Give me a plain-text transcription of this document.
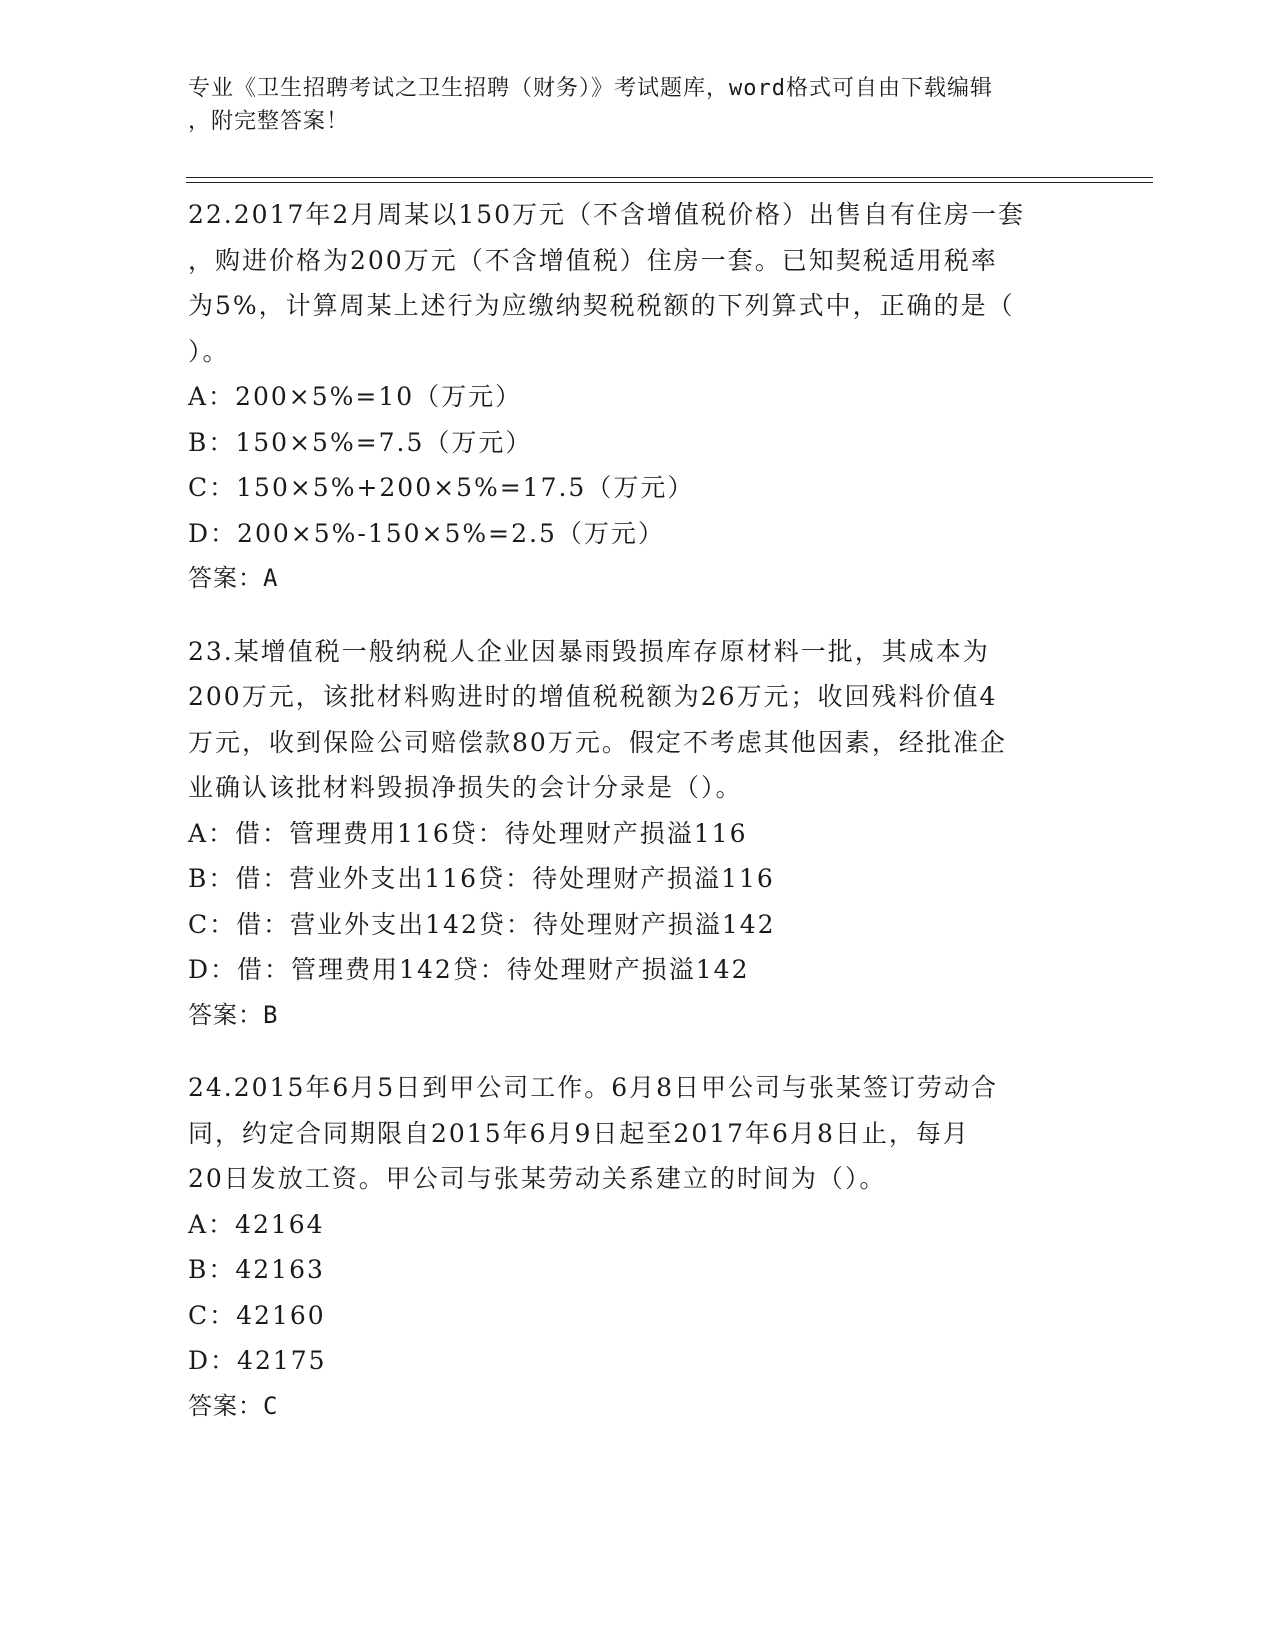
专业《卫生招聘考试之卫生招聘（财务）》考试题库，word格式可自由下载编辑
，附完整答案！
22.2017年2月周某以150万元（不含增值税价格）出售自有住房一套
，购进价格为200万元（不含增值税）住房一套。已知契税适用税率
为5%，计算周某上述行为应缴纳契税税额的下列算式中，正确的是（
）。
A：200×5%=10（万元）
B：150×5%=7.5（万元）
C：150×5%+200×5%=17.5（万元）
D：200×5%-150×5%=2.5（万元）
答案：A
23.某增值税一般纳税人企业因暴雨毁损库存原材料一批，其成本为
200万元，该批材料购进时的增值税税额为26万元；收回残料价值4
万元，收到保险公司赔偿款80万元。假定不考虑其他因素，经批准企
业确认该批材料毁损净损失的会计分录是（）。
A：借：管理费用116贷：待处理财产损溢116
B：借：营业外支出116贷：待处理财产损溢116
C：借：营业外支出142贷：待处理财产损溢142
D：借：管理费用142贷：待处理财产损溢142
答案：B
24.2015年6月5日到甲公司工作。6月8日甲公司与张某签订劳动合
同，约定合同期限自2015年6月9日起至2017年6月8日止，每月
20日发放工资。甲公司与张某劳动关系建立的时间为（）。
A：42164
B：42163
C：42160
D：42175
答案：C
